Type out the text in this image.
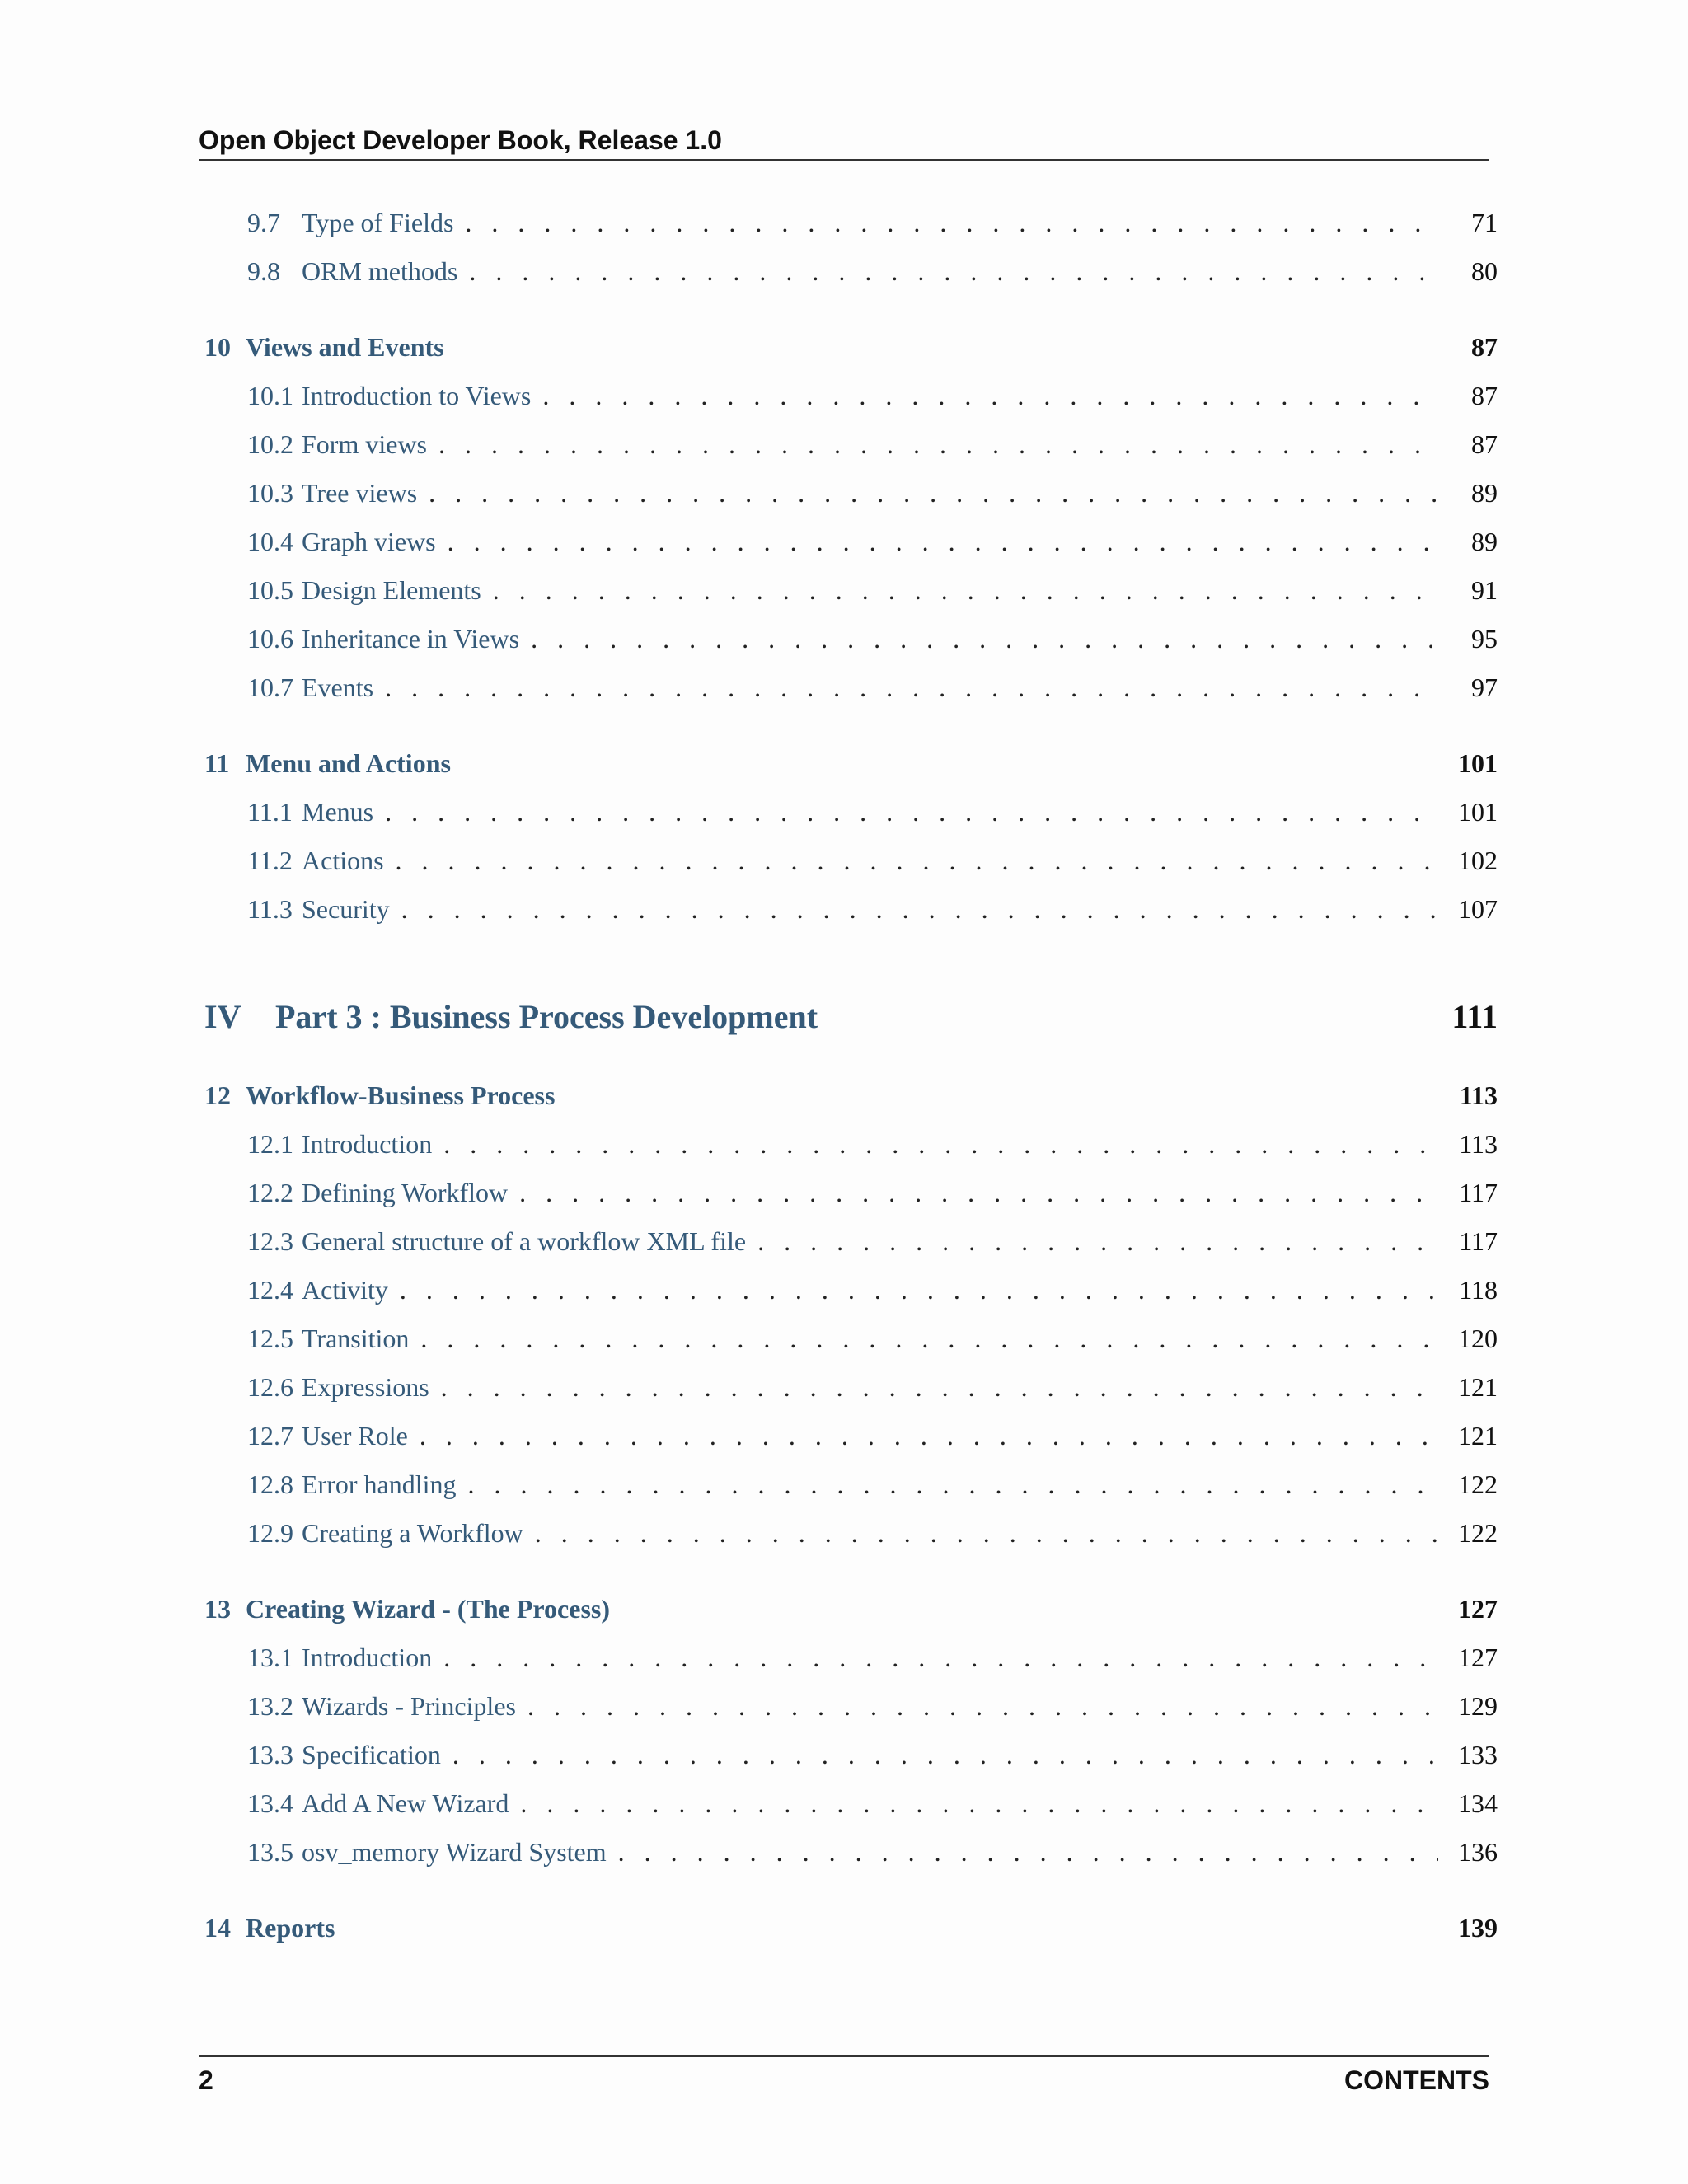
Open Object Developer Book, Release 1.0
9.7 Type of Fields . . .	71
9.8 ORM methods . . .	80
10 Views and Events	87
10.1 Introduction to Views . . .	87
10.2 Form views . . .	87
10.3 Tree views . . .	89
10.4 Graph views . . .	89
10.5 Design Elements . . .	91
10.6 Inheritance in Views . . .	95
10.7 Events . . .	97
11 Menu and Actions	101
11.1 Menus . . .	101
11.2 Actions . . .	102
11.3 Security . . .	107
IV	Part 3 : Business Process Development	111
12 Workflow-Business Process	113
12.1 Introduction . . .	113
12.2 Defining Workflow . . .	117
12.3 General structure of a workflow XML file . . .	117
12.4 Activity . . .	118
12.5 Transition . . .	120
12.6 Expressions . . .	121
12.7 User Role . . .	121
12.8 Error handling . . .	122
12.9 Creating a Workflow . . .	122
13 Creating Wizard - (The Process)	127
13.1 Introduction . . .	127
13.2 Wizards - Principles . . .	129
13.3 Specification . . .	133
13.4 Add A New Wizard . . .	134
13.5 osv_memory Wizard System . . .	136
14 Reports	139
2	CONTENTS
